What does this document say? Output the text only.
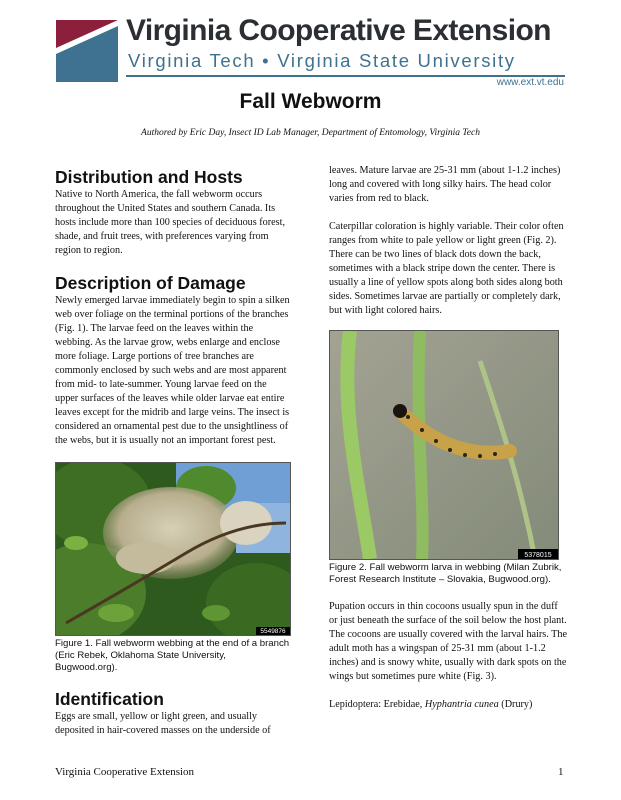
Virginia Cooperative Extension
Virginia Tech • Virginia State University
www.ext.vt.edu
Fall Webworm
Authored by Eric Day, Insect ID Lab Manager, Department of Entomology, Virginia Tech
Distribution and Hosts

Native to North America, the fall webworm occurs throughout the United States and southern Canada. Its hosts include more than 100 species of deciduous forest, shade, and fruit trees, with preferences varying from region to region.

Description of Damage

Newly emerged larvae immediately begin to spin a silken web over foliage on the terminal portions of the branches (Fig. 1). The larvae feed on the leaves within the webbing. As the larvae grow, webs enlarge and enclose more foliage. Large portions of tree branches are commonly enclosed by such webs and are most apparent from mid- to late-summer. Young larvae feed on the upper surfaces of the leaves while older larvae eat entire leaves except for the midrib and large veins. The insect is considered an ornamental pest due to the unsightliness of the webs, but it is usually not an important forest pest.

5549876

Figure 1. Fall webworm webbing at the end of a branch (Eric Rebek, Oklahoma State University, Bugwood.org).

Identification

Eggs are small, yellow or light green, and usually deposited in hair-covered masses on the underside of

leaves. Mature larvae are 25-31 mm (about 1-1.2 inches) long and covered with long silky hairs. The head color varies from red to black.

Caterpillar coloration is highly variable. Their color often ranges from white to pale yellow or light green (Fig. 2). There can be two lines of black dots down the back, sometimes with a black stripe down the center. There is usually a line of yellow spots along both sides along both sides. Sometimes larvae are partially or completely dark, but with light colored hairs.

5378015

Figure 2. Fall webworm larva in webbing (Milan Zubrik, Forest Research Institute – Slovakia, Bugwood.org).

Pupation occurs in thin cocoons usually spun in the duff or just beneath the surface of the soil below the host plant. The cocoons are usually covered with the larval hairs. The adult moth has a wingspan of 25-31 mm (about 1-1.2 inches) and is snowy white, usually with dark spots on the wings but sometimes pure white (Fig. 3).

Lepidoptera: Erebidae, Hyphantria cunea (Drury)

Virginia Cooperative Extension	1
